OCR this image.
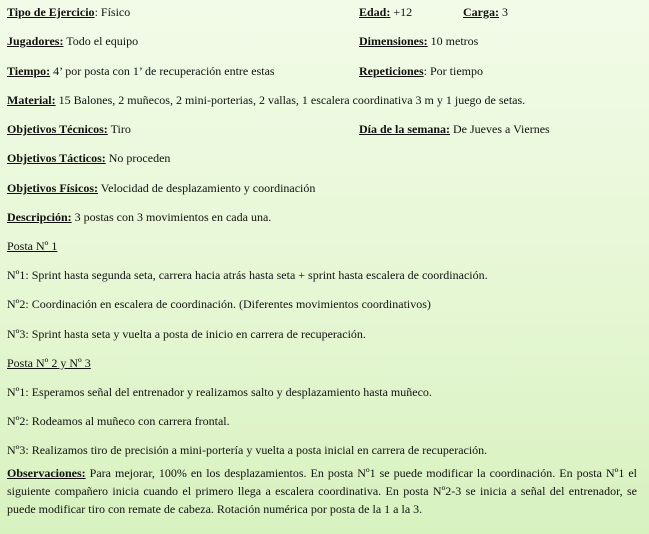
Tipo de Ejercicio: Físico	Edad: +12	Carga: 3
Jugadores: Todo el equipo	Dimensiones: 10 metros
Tiempo: 4’ por posta con 1’ de recuperación entre estas	Repeticiones: Por tiempo
Material: 15 Balones, 2 muñecos, 2 mini-porterias, 2 vallas, 1 escalera coordinativa 3 m y 1 juego de setas.
Objetivos Técnicos: Tiro	Día de la semana: De Jueves a Viernes
Objetivos Tácticos: No proceden
Objetivos Físicos: Velocidad de desplazamiento y coordinación
Descripción: 3 postas con 3 movimientos en cada una.
Posta Nº 1
Nº1: Sprint hasta segunda seta, carrera hacia atrás hasta seta + sprint hasta escalera de coordinación.
Nº2: Coordinación en escalera de coordinación. (Diferentes movimientos coordinativos)
Nº3: Sprint hasta seta y vuelta a posta de inicio en carrera de recuperación.
Posta Nº 2 y Nº 3
Nº1: Esperamos señal del entrenador y realizamos salto y desplazamiento hasta muñeco.
Nº2: Rodeamos al muñeco con carrera frontal.
Nº3: Realizamos tiro de precisión a mini-portería y vuelta a posta inicial en carrera de recuperación.
Observaciones: Para mejorar, 100% en los desplazamientos. En posta Nº1 se puede modificar la coordinación. En posta Nº1 el siguiente compañero inicia cuando el primero llega a escalera coordinativa. En posta Nº2-3 se inicia a señal del entrenador, se puede modificar tiro con remate de cabeza. Rotación numérica por posta de la 1 a la 3.
